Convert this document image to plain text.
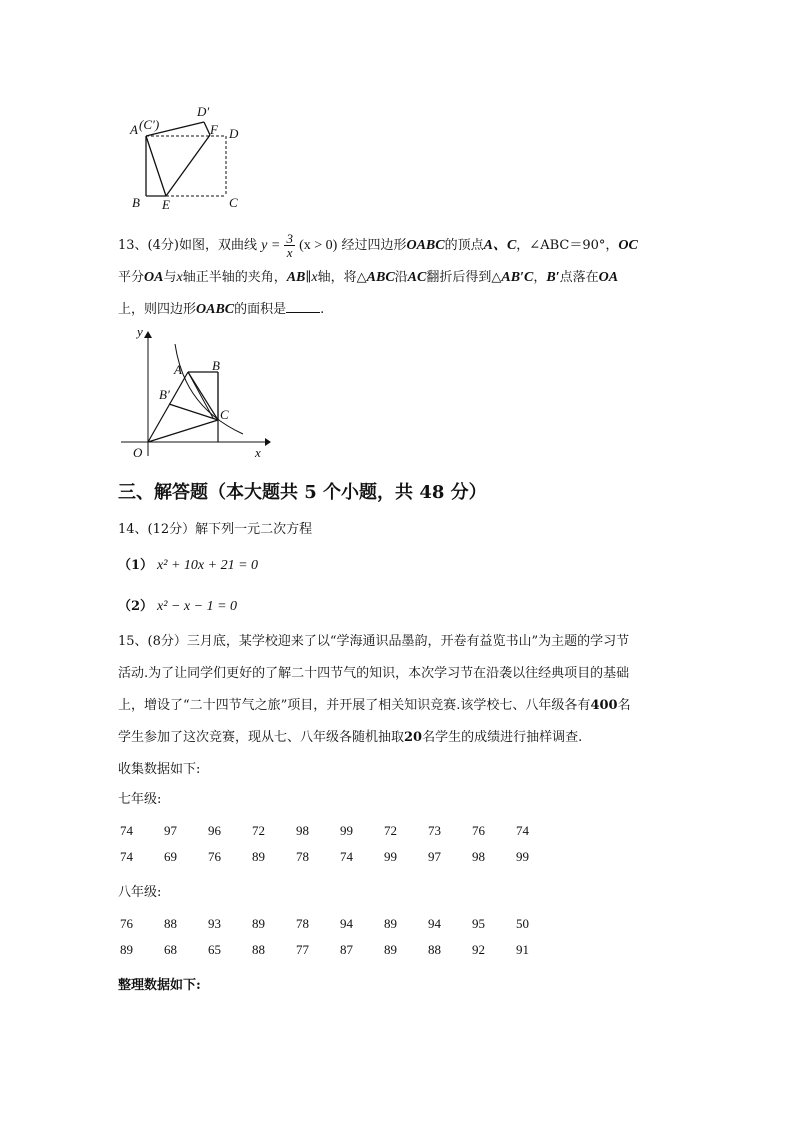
A (C′)
D′
F D
B E	C
13、(4分)如图，双曲线 $y = \frac{3}{x} (x > 0)$ 经过四边形OABC的顶点A、C，∠ABC＝90°，OC
平分OA与x轴正半轴的夹角，AB∥x轴，将△ABC沿AC翻折后得到△AB′C，B′点落在OA
上，则四边形OABC的面积是	.
y
A B
B′
C
O	x
三、解答题（本大题共 5 个小题，共 48 分）
14、(12分）解下列一元二次方程
（1） x² + 10x + 21 = 0
（2） x² − x − 1 = 0
15、(8分）三月底，某学校迎来了以“学海通识品墨韵，开卷有益览书山”为主题的学习节
活动.为了让同学们更好的了解二十四节气的知识，本次学习节在沿袭以往经典项目的基础
上，增设了“二十四节气之旅”项目，并开展了相关知识竞赛.该学校七、八年级各有400名
学生参加了这次竞赛，现从七、八年级各随机抽取20名学生的成绩进行抽样调查.
收集数据如下:
七年级:
74	97	96	72	98	99	72	73	76	74
74	69	76	89	78	74	99	97	98	99
八年级:
76	88	93	89	78	94	89	94	95	50
89	68	65	88	77	87	89	88	92	91
整理数据如下:
